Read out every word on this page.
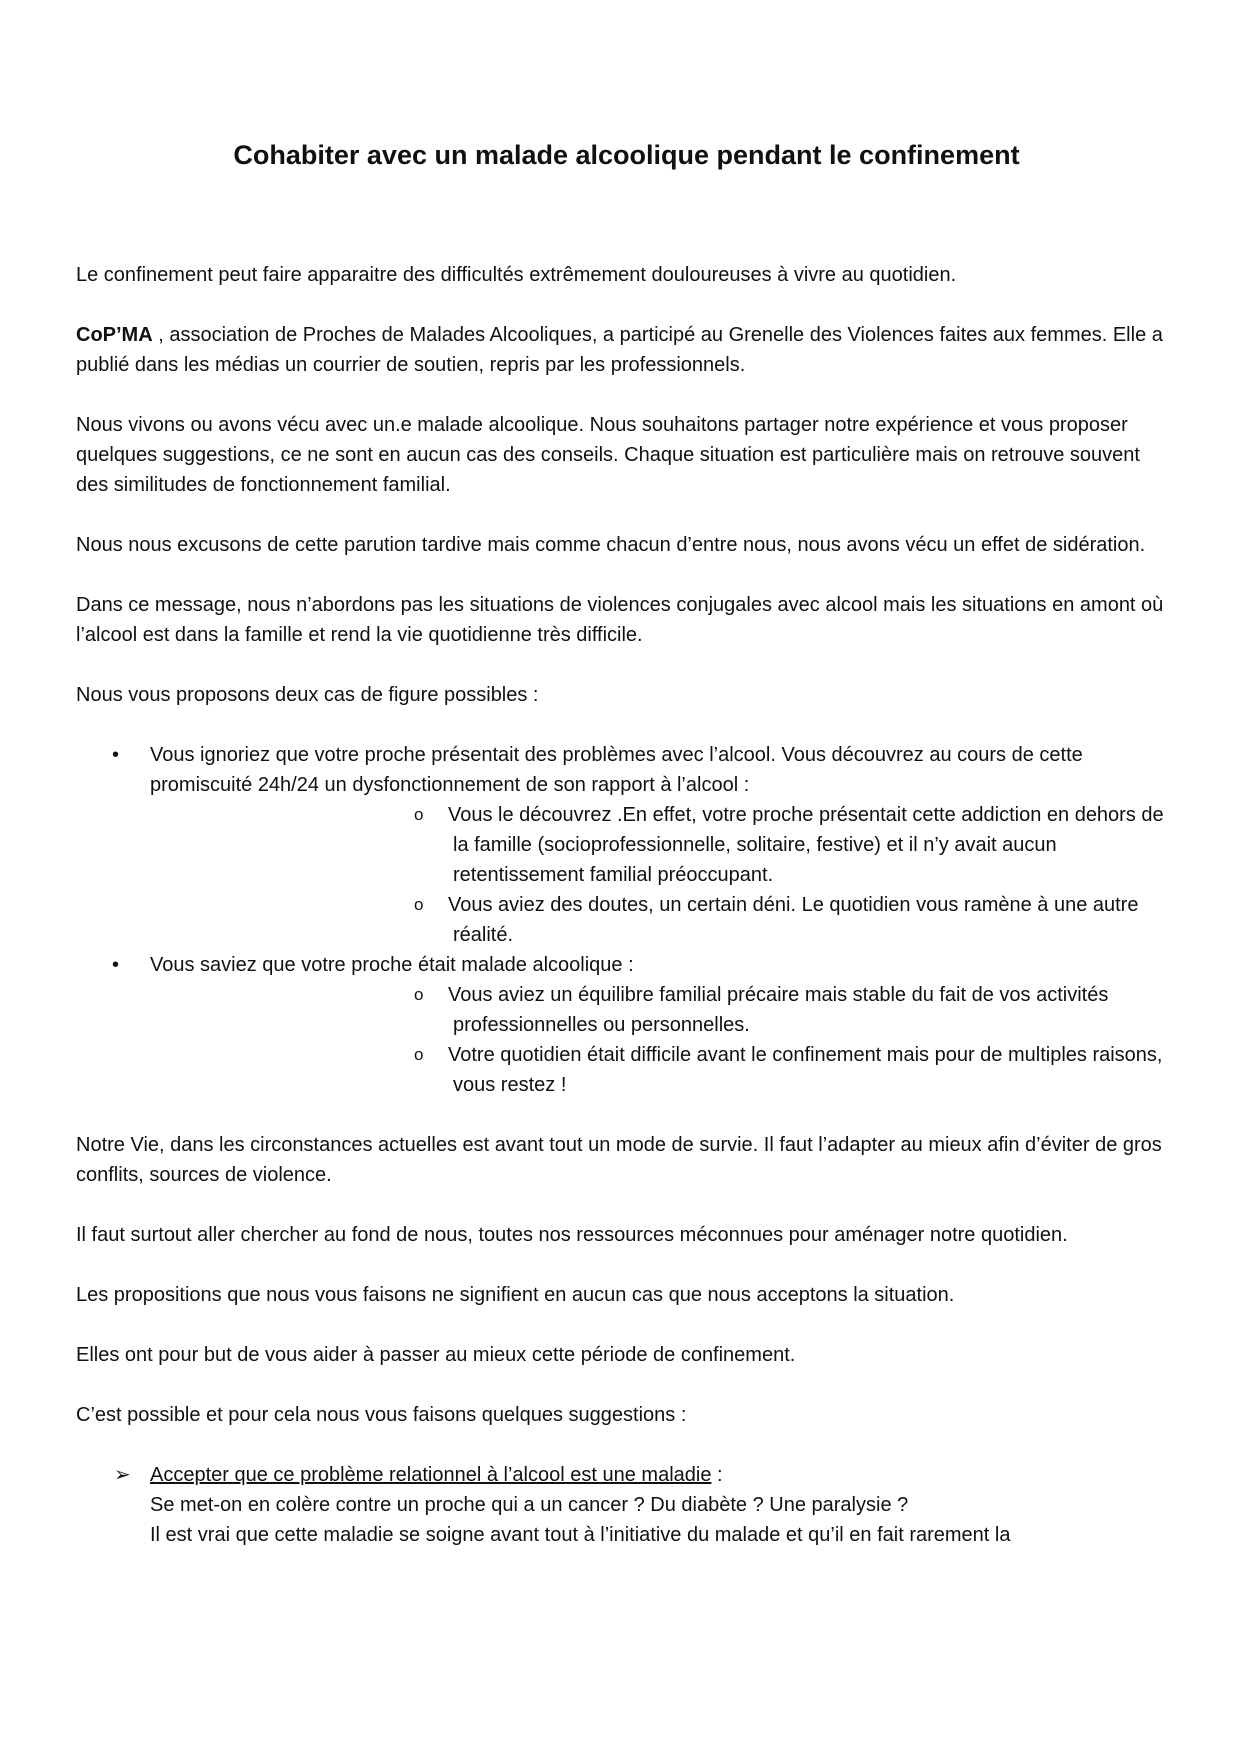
Cohabiter avec un malade alcoolique pendant le confinement

Le confinement peut faire apparaitre des difficultés extrêmement douloureuses à vivre au quotidien.

CoP’MA , association de Proches de Malades Alcooliques, a participé au Grenelle des Violences faites aux femmes. Elle a publié dans les médias un courrier de soutien, repris par les professionnels.

Nous vivons ou avons vécu avec un.e malade alcoolique. Nous souhaitons partager notre expérience et vous proposer quelques suggestions, ce ne sont en aucun cas des conseils. Chaque situation est particulière mais on retrouve souvent des similitudes de fonctionnement familial.

Nous nous excusons de cette parution tardive mais comme chacun d’entre nous, nous avons vécu un effet de sidération.

Dans ce message, nous n’abordons pas les situations de violences conjugales avec alcool mais les situations en amont où l’alcool est dans la famille et rend la vie quotidienne très difficile.

Nous vous proposons deux cas de figure possibles :

• Vous ignoriez que votre proche présentait des problèmes avec l’alcool. Vous découvrez au cours de cette promiscuité 24h/24 un dysfonctionnement de son rapport à l’alcool :
o Vous le découvrez .En effet, votre proche présentait cette addiction en dehors de la famille (socioprofessionnelle, solitaire, festive) et il n’y avait aucun retentissement familial préoccupant.
o Vous aviez des doutes, un certain déni. Le quotidien vous ramène à une autre réalité.
• Vous saviez que votre proche était malade alcoolique :
o Vous aviez un équilibre familial précaire mais stable du fait de vos activités professionnelles ou personnelles.
o Votre quotidien était difficile avant le confinement mais pour de multiples raisons, vous restez !

Notre Vie, dans les circonstances actuelles est avant tout un mode de survie. Il faut l’adapter au mieux afin d’éviter de gros conflits, sources de violence.

Il faut surtout aller chercher au fond de nous, toutes nos ressources méconnues pour aménager notre quotidien.

Les propositions que nous vous faisons ne signifient en aucun cas que nous acceptons la situation.

Elles ont pour but de vous aider à passer au mieux cette période de confinement.

C’est possible et pour cela nous vous faisons quelques suggestions :

➢ Accepter que ce problème relationnel à l’alcool est une maladie :
Se met-on en colère contre un proche qui a un cancer ? Du diabète ? Une paralysie ?
Il est vrai que cette maladie se soigne avant tout à l’initiative du malade et qu’il en fait rarement la
